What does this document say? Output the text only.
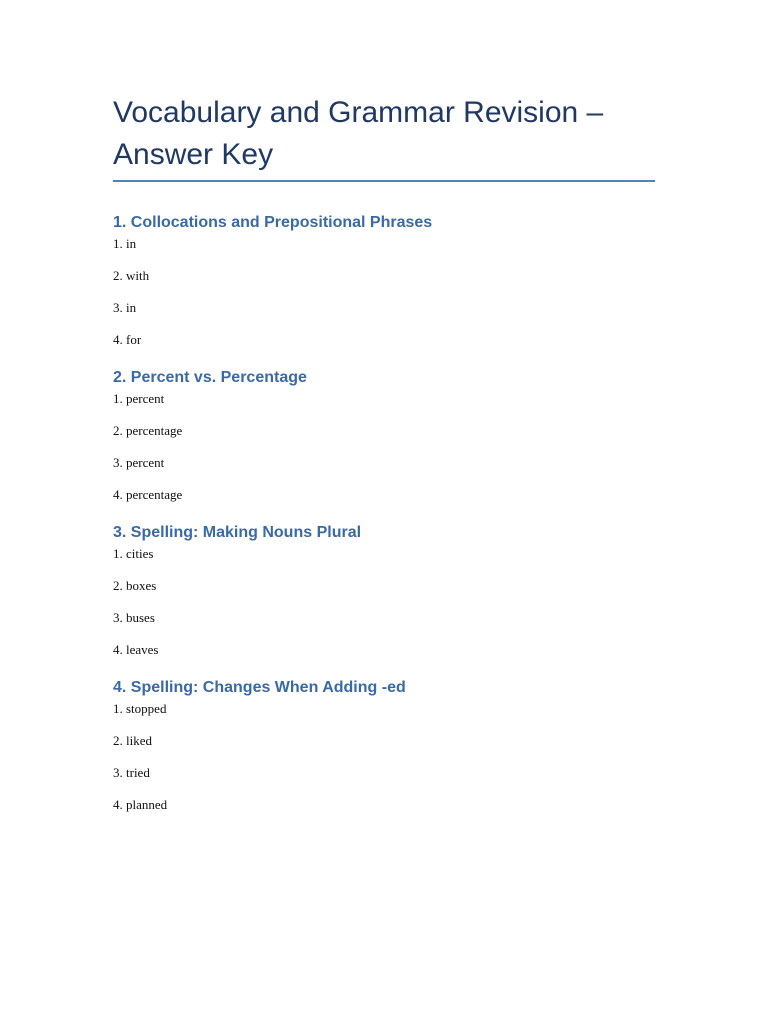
Vocabulary and Grammar Revision – Answer Key
1. Collocations and Prepositional Phrases
1. in
2. with
3. in
4. for
2. Percent vs. Percentage
1. percent
2. percentage
3. percent
4. percentage
3. Spelling: Making Nouns Plural
1. cities
2. boxes
3. buses
4. leaves
4. Spelling: Changes When Adding -ed
1. stopped
2. liked
3. tried
4. planned
